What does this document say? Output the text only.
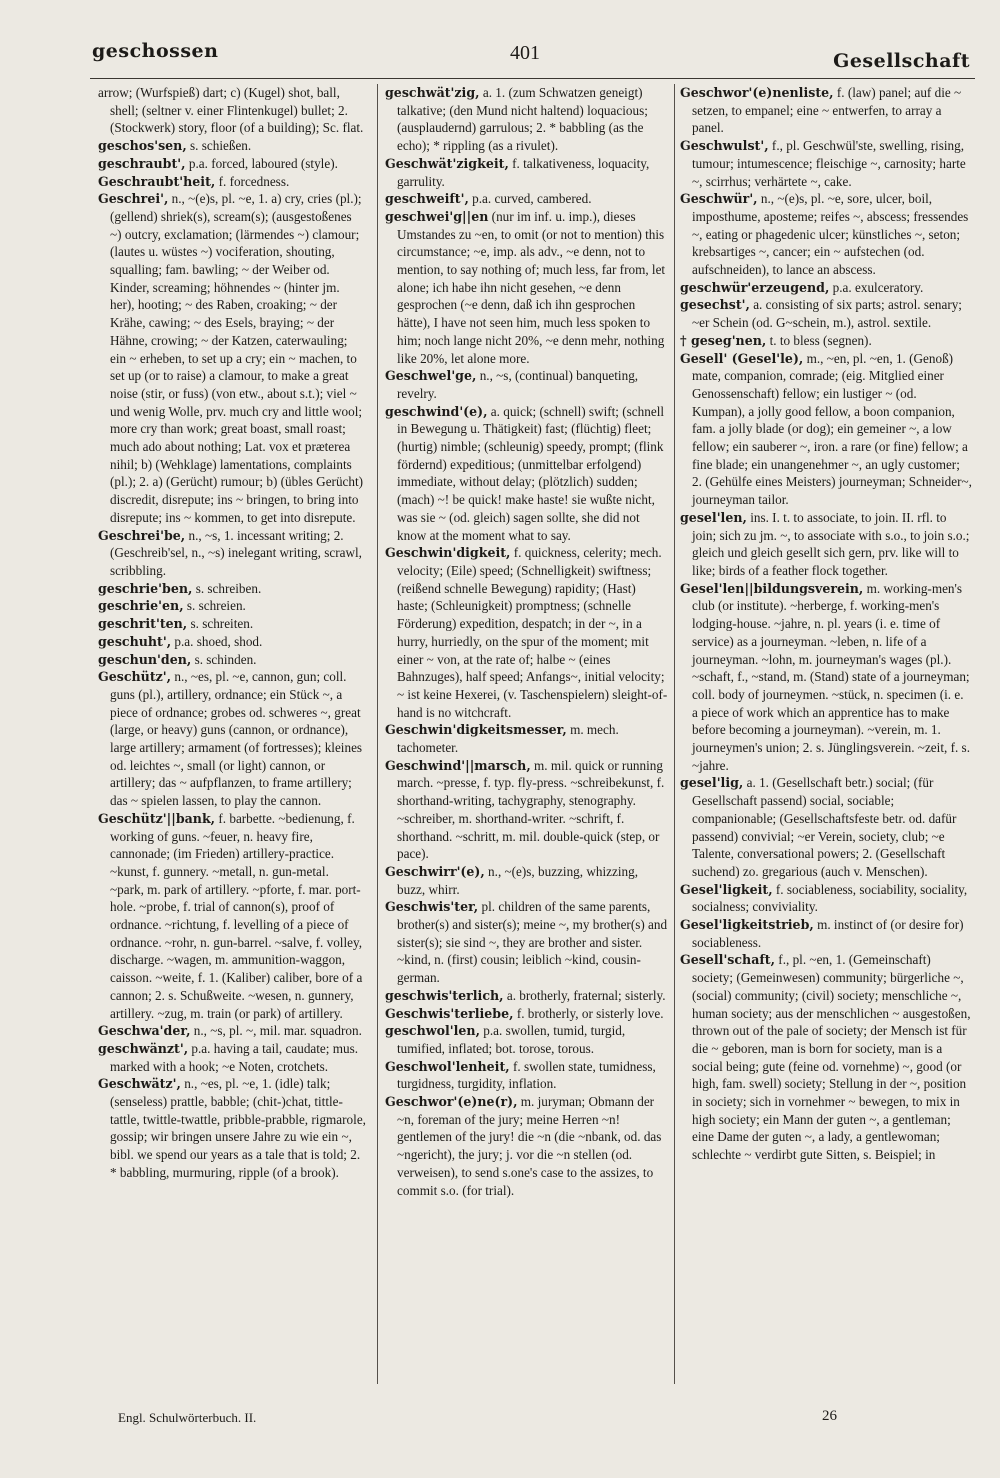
geschossen	401	Gesellschaft

arrow; (Wurfspieß) dart; c) (Kugel) shot, ball, shell; (seltner v. einer Flintenkugel) bullet; 2. (Stockwerk) story, floor (of a building); Sc. flat.

geschos'sen, s. schießen.

geschraubt', p.a. forced, laboured (style).

Geschraubt'heit, f. forcedness.

Geschrei', n., ~(e)s, pl. ~e, 1. a) cry, cries (pl.); (gellend) shriek(s), scream(s); (ausgestoßenes ~) outcry, exclamation; (lärmendes ~) clamour; (lautes u. wüstes ~) vociferation, shouting, squalling; fam. bawling; ~ der Weiber od. Kinder, screaming; höhnendes ~ (hinter jm. her), hooting; ~ des Raben, croaking; ~ der Krähe, cawing; ~ des Esels, braying; ~ der Hähne, crowing; ~ der Katzen, caterwauling; ein ~ erheben, to set up a cry; ein ~ machen, to set up (or to raise) a clamour, to make a great noise (stir, or fuss) (von etw., about s.t.); viel ~ und wenig Wolle, prv. much cry and little wool; more cry than work; great boast, small roast; much ado about nothing; Lat. vox et præterea nihil; b) (Wehklage) lamentations, complaints (pl.); 2. a) (Gerücht) rumour; b) (übles Gerücht) discredit, disrepute; ins ~ bringen, to bring into disrepute; ins ~ kommen, to get into disrepute.

Geschrei'be, n., ~s, 1. incessant writing; 2. (Geschreib'sel, n., ~s) inelegant writing, scrawl, scribbling.

geschrie'ben, s. schreiben.

geschrie'en, s. schreien.

geschrit'ten, s. schreiten.

geschuht', p.a. shoed, shod.

geschun'den, s. schinden.

Geschütz', n., ~es, pl. ~e, cannon, gun; coll. guns (pl.), artillery, ordnance; ein Stück ~, a piece of ordnance; grobes od. schweres ~, great (large, or heavy) guns (cannon, or ordnance), large artillery; armament (of fortresses); kleines od. leichtes ~, small (or light) cannon, or artillery; das ~ aufpflanzen, to frame artillery; das ~ spielen lassen, to play the cannon.

Geschütz'||bank, f. barbette. ~bedienung, f. working of guns. ~feuer, n. heavy fire, cannonade; (im Frieden) artillery-practice. ~kunst, f. gunnery. ~metall, n. gun-metal. ~park, m. park of artillery. ~pforte, f. mar. port-hole. ~probe, f. trial of cannon(s), proof of ordnance. ~richtung, f. levelling of a piece of ordnance. ~rohr, n. gun-barrel. ~salve, f. volley, discharge. ~wagen, m. ammunition-waggon, caisson. ~weite, f. 1. (Kaliber) caliber, bore of a cannon; 2. s. Schußweite. ~wesen, n. gunnery, artillery. ~zug, m. train (or park) of artillery.

Geschwa'der, n., ~s, pl. ~, mil. mar. squadron.

geschwänzt', p.a. having a tail, caudate; mus. marked with a hook; ~e Noten, crotchets.

Geschwätz', n., ~es, pl. ~e, 1. (idle) talk; (senseless) prattle, babble; (chit-)chat, tittle-tattle, twittle-twattle, pribble-prabble, rigmarole, gossip; wir bringen unsere Jahre zu wie ein ~, bibl. we spend our years as a tale that is told; 2. * babbling, murmuring, ripple (of a brook).

geschwät'zig, a. 1. (zum Schwatzen geneigt) talkative; (den Mund nicht haltend) loquacious; (ausplaudernd) garrulous; 2. * babbling (as the echo); * rippling (as a rivulet).

Geschwät'zigkeit, f. talkativeness, loquacity, garrulity.

geschweift', p.a. curved, cambered.

geschwei'g||en (nur im inf. u. imp.), dieses Umstandes zu ~en, to omit (or not to mention) this circumstance; ~e, imp. als adv., ~e denn, not to mention, to say nothing of; much less, far from, let alone; ich habe ihn nicht gesehen, ~e denn gesprochen (~e denn, daß ich ihn gesprochen hätte), I have not seen him, much less spoken to him; noch lange nicht 20%, ~e denn mehr, nothing like 20%, let alone more.

Geschwel'ge, n., ~s, (continual) banqueting, revelry.

geschwind'(e), a. quick; (schnell) swift; (schnell in Bewegung u. Thätigkeit) fast; (flüchtig) fleet; (hurtig) nimble; (schleunig) speedy, prompt; (flink fördernd) expeditious; (unmittelbar erfolgend) immediate, without delay; (plötzlich) sudden; (mach) ~! be quick! make haste! sie wußte nicht, was sie ~ (od. gleich) sagen sollte, she did not know at the moment what to say.

Geschwin'digkeit, f. quickness, celerity; mech. velocity; (Eile) speed; (Schnelligkeit) swiftness; (reißend schnelle Bewegung) rapidity; (Hast) haste; (Schleunigkeit) promptness; (schnelle Förderung) expedition, despatch; in der ~, in a hurry, hurriedly, on the spur of the moment; mit einer ~ von, at the rate of; halbe ~ (eines Bahnzuges), half speed; Anfangs~, initial velocity; ~ ist keine Hexerei, (v. Taschenspielern) sleight-of-hand is no witchcraft.

Geschwin'digkeitsmesser, m. mech. tachometer.

Geschwind'||marsch, m. mil. quick or running march. ~presse, f. typ. fly-press. ~schreibekunst, f. shorthand-writing, tachygraphy, stenography. ~schreiber, m. shorthand-writer. ~schrift, f. shorthand. ~schritt, m. mil. double-quick (step, or pace).

Geschwirr'(e), n., ~(e)s, buzzing, whizzing, buzz, whirr.

Geschwis'ter, pl. children of the same parents, brother(s) and sister(s); meine ~, my brother(s) and sister(s); sie sind ~, they are brother and sister. ~kind, n. (first) cousin; leiblich ~kind, cousin-german.

geschwis'terlich, a. brotherly, fraternal; sisterly.

Geschwis'terliebe, f. brotherly, or sisterly love.

geschwol'len, p.a. swollen, tumid, turgid, tumified, inflated; bot. torose, torous.

Geschwol'lenheit, f. swollen state, tumidness, turgidness, turgidity, inflation.

Geschwor'(e)ne(r), m. juryman; Obmann der ~n, foreman of the jury; meine Herren ~n! gentlemen of the jury! die ~n (die ~nbank, od. das ~ngericht), the jury; j. vor die ~n stellen (od. verweisen), to send s.one's case to the assizes, to commit s.o. (for trial).

Geschwor'(e)nenliste, f. (law) panel; auf die ~ setzen, to empanel; eine ~ entwerfen, to array a panel.

Geschwulst', f., pl. Geschwül'ste, swelling, rising, tumour; intumescence; fleischige ~, carnosity; harte ~, scirrhus; verhärtete ~, cake.

Geschwür', n., ~(e)s, pl. ~e, sore, ulcer, boil, imposthume, aposteme; reifes ~, abscess; fressendes ~, eating or phagedenic ulcer; künstliches ~, seton; krebsartiges ~, cancer; ein ~ aufstechen (od. aufschneiden), to lance an abscess.

geschwür'erzeugend, p.a. exulceratory.

gesechst', a. consisting of six parts; astrol. senary; ~er Schein (od. G~schein, m.), astrol. sextile.

† geseg'nen, t. to bless (segnen).

Gesell' (Gesel'le), m., ~en, pl. ~en, 1. (Genoß) mate, companion, comrade; (eig. Mitglied einer Genossenschaft) fellow; ein lustiger ~ (od. Kumpan), a jolly good fellow, a boon companion, fam. a jolly blade (or dog); ein gemeiner ~, a low fellow; ein sauberer ~, iron. a rare (or fine) fellow; a fine blade; ein unangenehmer ~, an ugly customer; 2. (Gehülfe eines Meisters) journeyman; Schneider~, journeyman tailor.

gesel'len, ins. I. t. to associate, to join. II. rfl. to join; sich zu jm. ~, to associate with s.o., to join s.o.; gleich und gleich gesellt sich gern, prv. like will to like; birds of a feather flock together.

Gesel'len||bildungsverein, m. working-men's club (or institute). ~herberge, f. working-men's lodging-house. ~jahre, n. pl. years (i. e. time of service) as a journeyman. ~leben, n. life of a journeyman. ~lohn, m. journeyman's wages (pl.). ~schaft, f., ~stand, m. (Stand) state of a journeyman; coll. body of journeymen. ~stück, n. specimen (i. e. a piece of work which an apprentice has to make before becoming a journeyman). ~verein, m. 1. journeymen's union; 2. s. Jünglingsverein. ~zeit, f. s. ~jahre.

gesel'lig, a. 1. (Gesellschaft betr.) social; (für Gesellschaft passend) social, sociable; companionable; (Gesellschaftsfeste betr. od. dafür passend) convivial; ~er Verein, society, club; ~e Talente, conversational powers; 2. (Gesellschaft suchend) zo. gregarious (auch v. Menschen).

Gesel'ligkeit, f. sociableness, sociability, sociality, socialness; conviviality.

Gesel'ligkeitstrieb, m. instinct of (or desire for) sociableness.

Gesell'schaft, f., pl. ~en, 1. (Gemeinschaft) society; (Gemeinwesen) community; bürgerliche ~, (social) community; (civil) society; menschliche ~, human society; aus der menschlichen ~ ausgestoßen, thrown out of the pale of society; der Mensch ist für die ~ geboren, man is born for society, man is a social being; gute (feine od. vornehme) ~, good (or high, fam. swell) society; Stellung in der ~, position in society; sich in vornehmer ~ bewegen, to mix in high society; ein Mann der guten ~, a gentleman; eine Dame der guten ~, a lady, a gentlewoman; schlechte ~ verdirbt gute Sitten, s. Beispiel; in

Engl. Schulwörterbuch. II.	26
